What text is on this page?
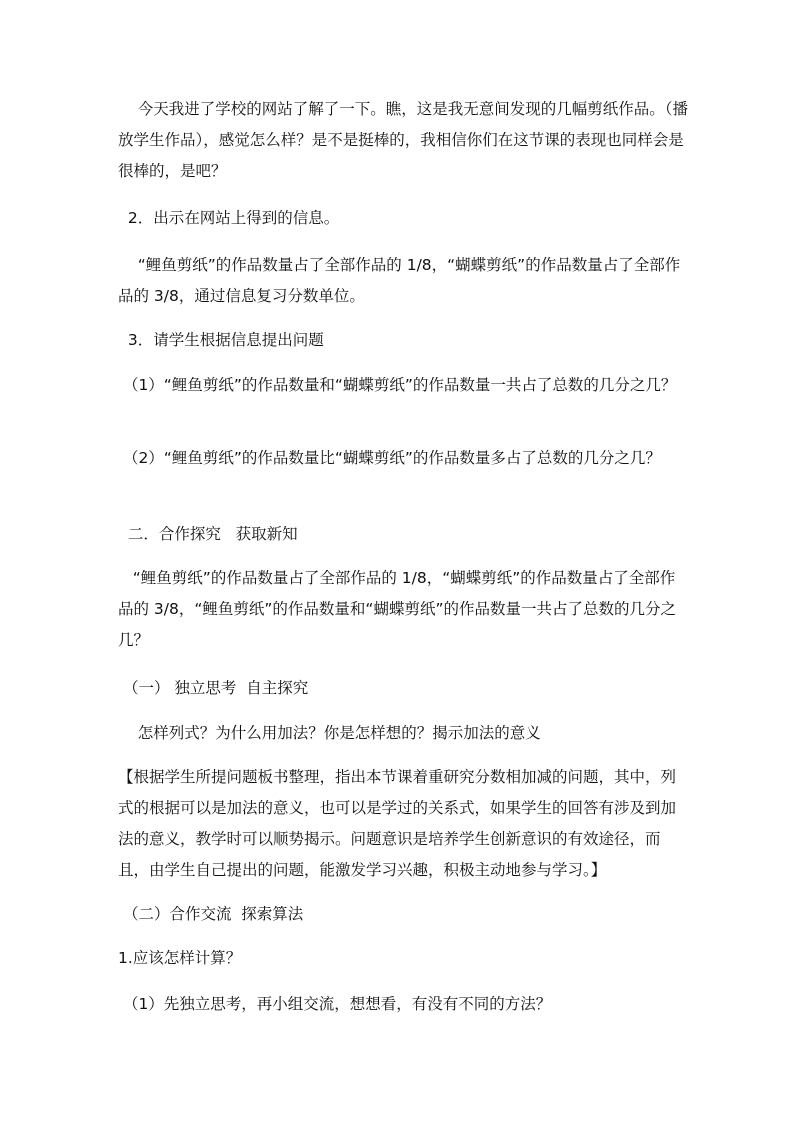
今天我进了学校的网站了解了一下。瞧，这是我无意间发现的几幅剪纸作品。（播放学生作品），感觉怎么样？是不是挺棒的，我相信你们在这节课的表现也同样会是很棒的，是吧？

2．出示在网站上得到的信息。

“鲤鱼剪纸”的作品数量占了全部作品的 1/8，“蝴蝶剪纸”的作品数量占了全部作品的 3/8，通过信息复习分数单位。

3．请学生根据信息提出问题

（1）“鲤鱼剪纸”的作品数量和“蝴蝶剪纸”的作品数量一共占了总数的几分之几？

（2）“鲤鱼剪纸”的作品数量比“蝴蝶剪纸”的作品数量多占了总数的几分之几？

二．合作探究   获取新知

“鲤鱼剪纸”的作品数量占了全部作品的 1/8，“蝴蝶剪纸”的作品数量占了全部作品的 3/8，“鲤鱼剪纸”的作品数量和“蝴蝶剪纸”的作品数量一共占了总数的几分之几？

（一） 独立思考  自主探究

怎样列式？为什么用加法？你是怎样想的？揭示加法的意义

【根据学生所提问题板书整理，指出本节课着重研究分数相加减的问题，其中，列式的根据可以是加法的意义，也可以是学过的关系式，如果学生的回答有涉及到加法的意义，教学时可以顺势揭示。问题意识是培养学生创新意识的有效途径，而且，由学生自己提出的问题，能激发学习兴趣，积极主动地参与学习。】

（二）合作交流  探索算法

1.应该怎样计算？

（1）先独立思考，再小组交流，想想看，有没有不同的方法？
